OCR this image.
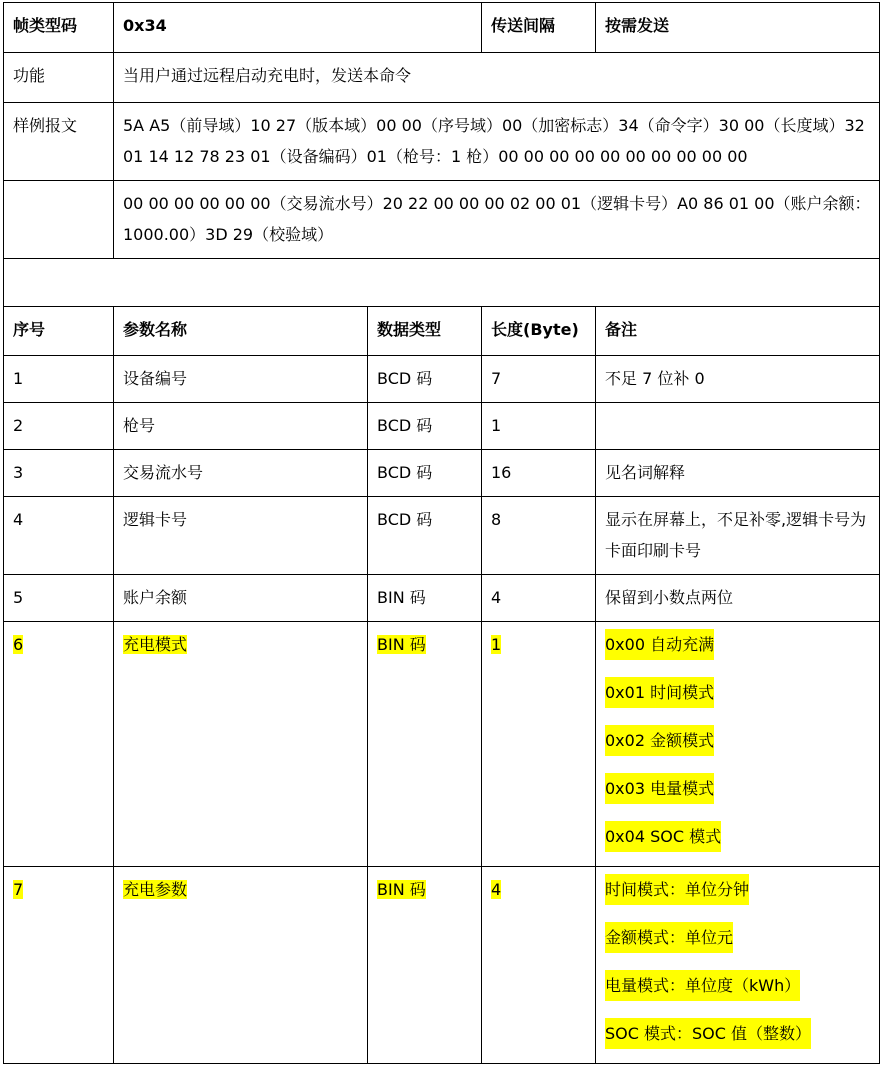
帧类型码	0x34	传送间隔	按需发送
功能	当用户通过远程启动充电时，发送本命令		
样例报文	5A A5（前导域）10 27（版本域）00 00（序号域）00（加密标志）34（命令字）30 00（长度域）32 01 14 12 78 23 01（设备编码）01（枪号：1 枪）00 00 00 00 00 00 00 00 00 00		
	00 00 00 00 00 00（交易流水号）20 22 00 00 00 02 00 01（逻辑卡号）A0 86 01 00（账户余额：1000.00）3D 29（校验域）		

序号	参数名称	数据类型	长度(Byte)	备注
1	设备编号	BCD 码	7	不足 7 位补 0
2	枪号	BCD 码	1	
3	交易流水号	BCD 码	16	见名词解释
4	逻辑卡号	BCD 码	8	显示在屏幕上，不足补零,逻辑卡号为卡面印刷卡号
5	账户余额	BIN 码	4	保留到小数点两位
6	充电模式	BIN 码	1	0x00 自动充满
0x01 时间模式
0x02 金额模式
0x03 电量模式
0x04 SOC 模式

7	充电参数	BIN 码	4	时间模式：单位分钟
金额模式：单位元
电量模式：单位度（kWh）
SOC 模式：SOC 值（整数）
